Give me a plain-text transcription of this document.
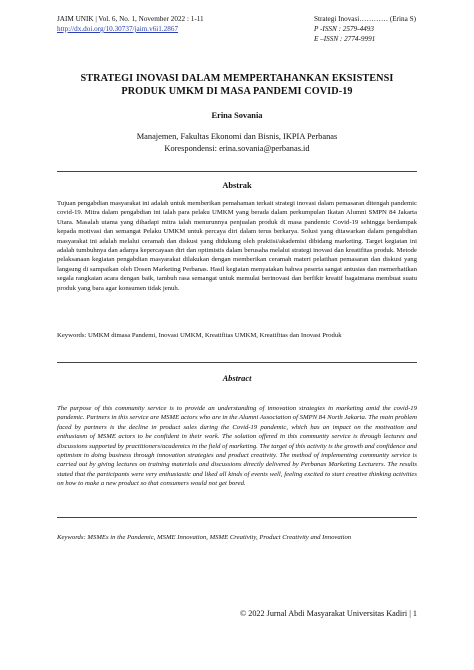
JAIM UNIK | Vol. 6, No. 1, November 2022 : 1-11
http://dx.doi.org/10.30737/jaim.v6i1.2867
Strategi Inovasi………… (Erina S)
P -ISSN : 2579-4493
E –ISSN : 2774-9991
STRATEGI INOVASI DALAM MEMPERTAHANKAN EKSISTENSI
PRODUK UMKM DI MASA PANDEMI COVID-19
Erina Sovania
Manajemen, Fakultas Ekonomi dan Bisnis, IKPIA Perbanas
Korespondensi: erina.sovania@perbanas.id
Abstrak
Tujuan pengabdian masyarakat ini adalah untuk memberikan pemahaman terkait strategi inovasi dalam pemasaran ditengah pandemic covid-19. Mitra dalam pengabdian ini ialah para pelaku UMKM yang berada dalam perkumpulan Ikatan Alumni SMPN 84 Jakarta Utara. Masalah utama yang dihadapi mitra ialah menurunnya penjualan produk di masa pandemic Covid-19 sehingga berdampak kepada motivasi dan semangat Pelaku UMKM untuk percaya diri dalam terus berkarya. Solusi yang ditawarkan dalam pengabdian masyarakat ini adalah melalui ceramah dan diskusi yang didukung oleh praktisi/akademisi dibidang marketing. Target kegiatan ini adalah tumbuhnya dan adanya kepercayaan diri dan optimistis dalam berusaha melalui strategi inovasi dan kreatifitas produk. Metode pelaksanaan kegiatan pengabdian masyarakat dilakukan dengan memberikan ceramah materi pelatihan pemasaran dan diskusi yang langsung di sampaikan oleh Dosen Marketing Perbanas. Hasil kegiatan menyatakan bahwa peserta sangat antusias dan memerhatikan segala rangkaian acara dengan baik, tambuh rasa semangat untuk memulai berinovasi dan berfikir kreatif bagaimana membuat suatu produk yang bara agar konsumen tidak jenuh.
Keywords: UMKM dimasa Pandemi, Inovasi UMKM, Kreatifitas UMKM, Kreatifitas dan Inovasi Produk
Abstract
The purpose of this community service is to provide an understanding of innovation strategies in marketing amid the covid-19 pandemic. Partners in this service are MSME actors who are in the Alumni Association of SMPN 84 North Jakarta. The main problem faced by partners is the decline in product sales during the Covid-19 pandemic, which has an impact on the motivation and enthusiasm of MSME actors to be confident in their work. The solution offered in this community service is through lectures and discussions supported by practitioners/academics in the field of marketing. The target of this activity is the growth and confidence and optimism in doing business through innovation strategies and product creativity. The method of implementing community service is carried out by giving lectures on training materials and discussions directly delivered by Perbanas Marketing Lecturers. The results stated that the participants were very enthusiastic and liked all kinds of events well, feeling excited to start creative thinking activities on how to make a new product so that consumers would not get bored.
Keywords: MSMEs in the Pandemic, MSME Innovation, MSME Creativity, Product Creativity and Innovation
© 2022 Jurnal Abdi Masyarakat Universitas Kadiri | 1
